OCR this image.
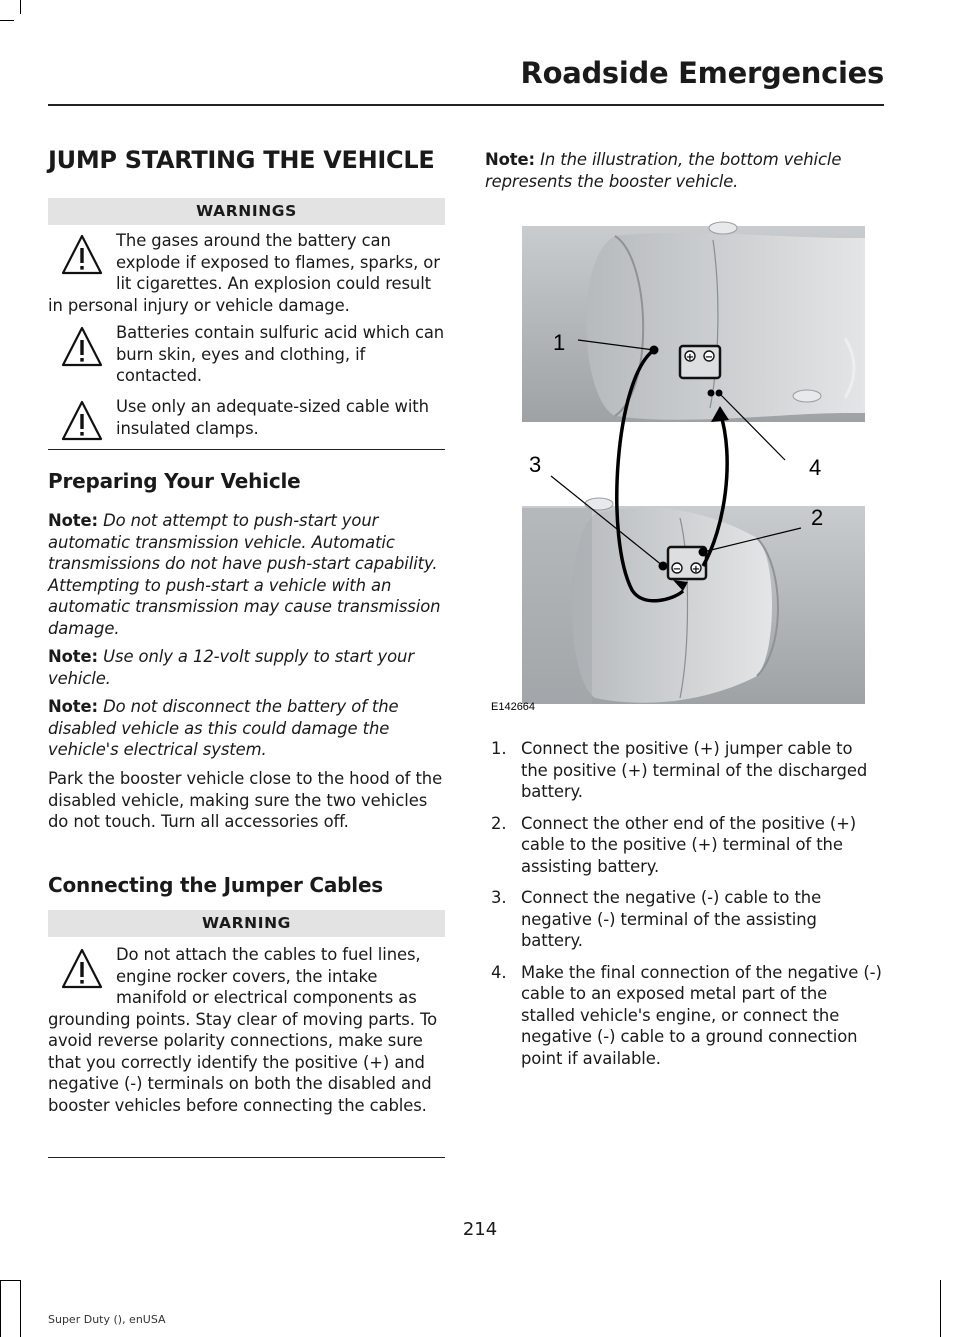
Roadside Emergencies
JUMP STARTING THE VEHICLE
WARNINGS
The gases around the battery can explode if exposed to flames, sparks, or lit cigarettes. An explosion could result in personal injury or vehicle damage.
Batteries contain sulfuric acid which can burn skin, eyes and clothing, if contacted.
Use only an adequate-sized cable with insulated clamps.
Preparing Your Vehicle
Note: Do not attempt to push-start your automatic transmission vehicle. Automatic transmissions do not have push-start capability. Attempting to push-start a vehicle with an automatic transmission may cause transmission damage.
Note: Use only a 12-volt supply to start your vehicle.
Note: Do not disconnect the battery of the disabled vehicle as this could damage the vehicle's electrical system.
Park the booster vehicle close to the hood of the disabled vehicle, making sure the two vehicles do not touch. Turn all accessories off.
Connecting the Jumper Cables
WARNING
Do not attach the cables to fuel lines, engine rocker covers, the intake manifold or electrical components as grounding points. Stay clear of moving parts. To avoid reverse polarity connections, make sure that you correctly identify the positive (+) and negative (-) terminals on both the disabled and booster vehicles before connecting the cables.
Note: In the illustration, the bottom vehicle represents the booster vehicle.
1. Connect the positive (+) jumper cable to the positive (+) terminal of the discharged battery.
2. Connect the other end of the positive (+) cable to the positive (+) terminal of the assisting battery.
3. Connect the negative (-) cable to the negative (-) terminal of the assisting battery.
4. Make the final connection of the negative (-) cable to an exposed metal part of the stalled vehicle's engine, or connect the negative (-) cable to a ground connection point if available.
+ −
− +
1
2
3	4
E142664
214
Super Duty (), enUSA
